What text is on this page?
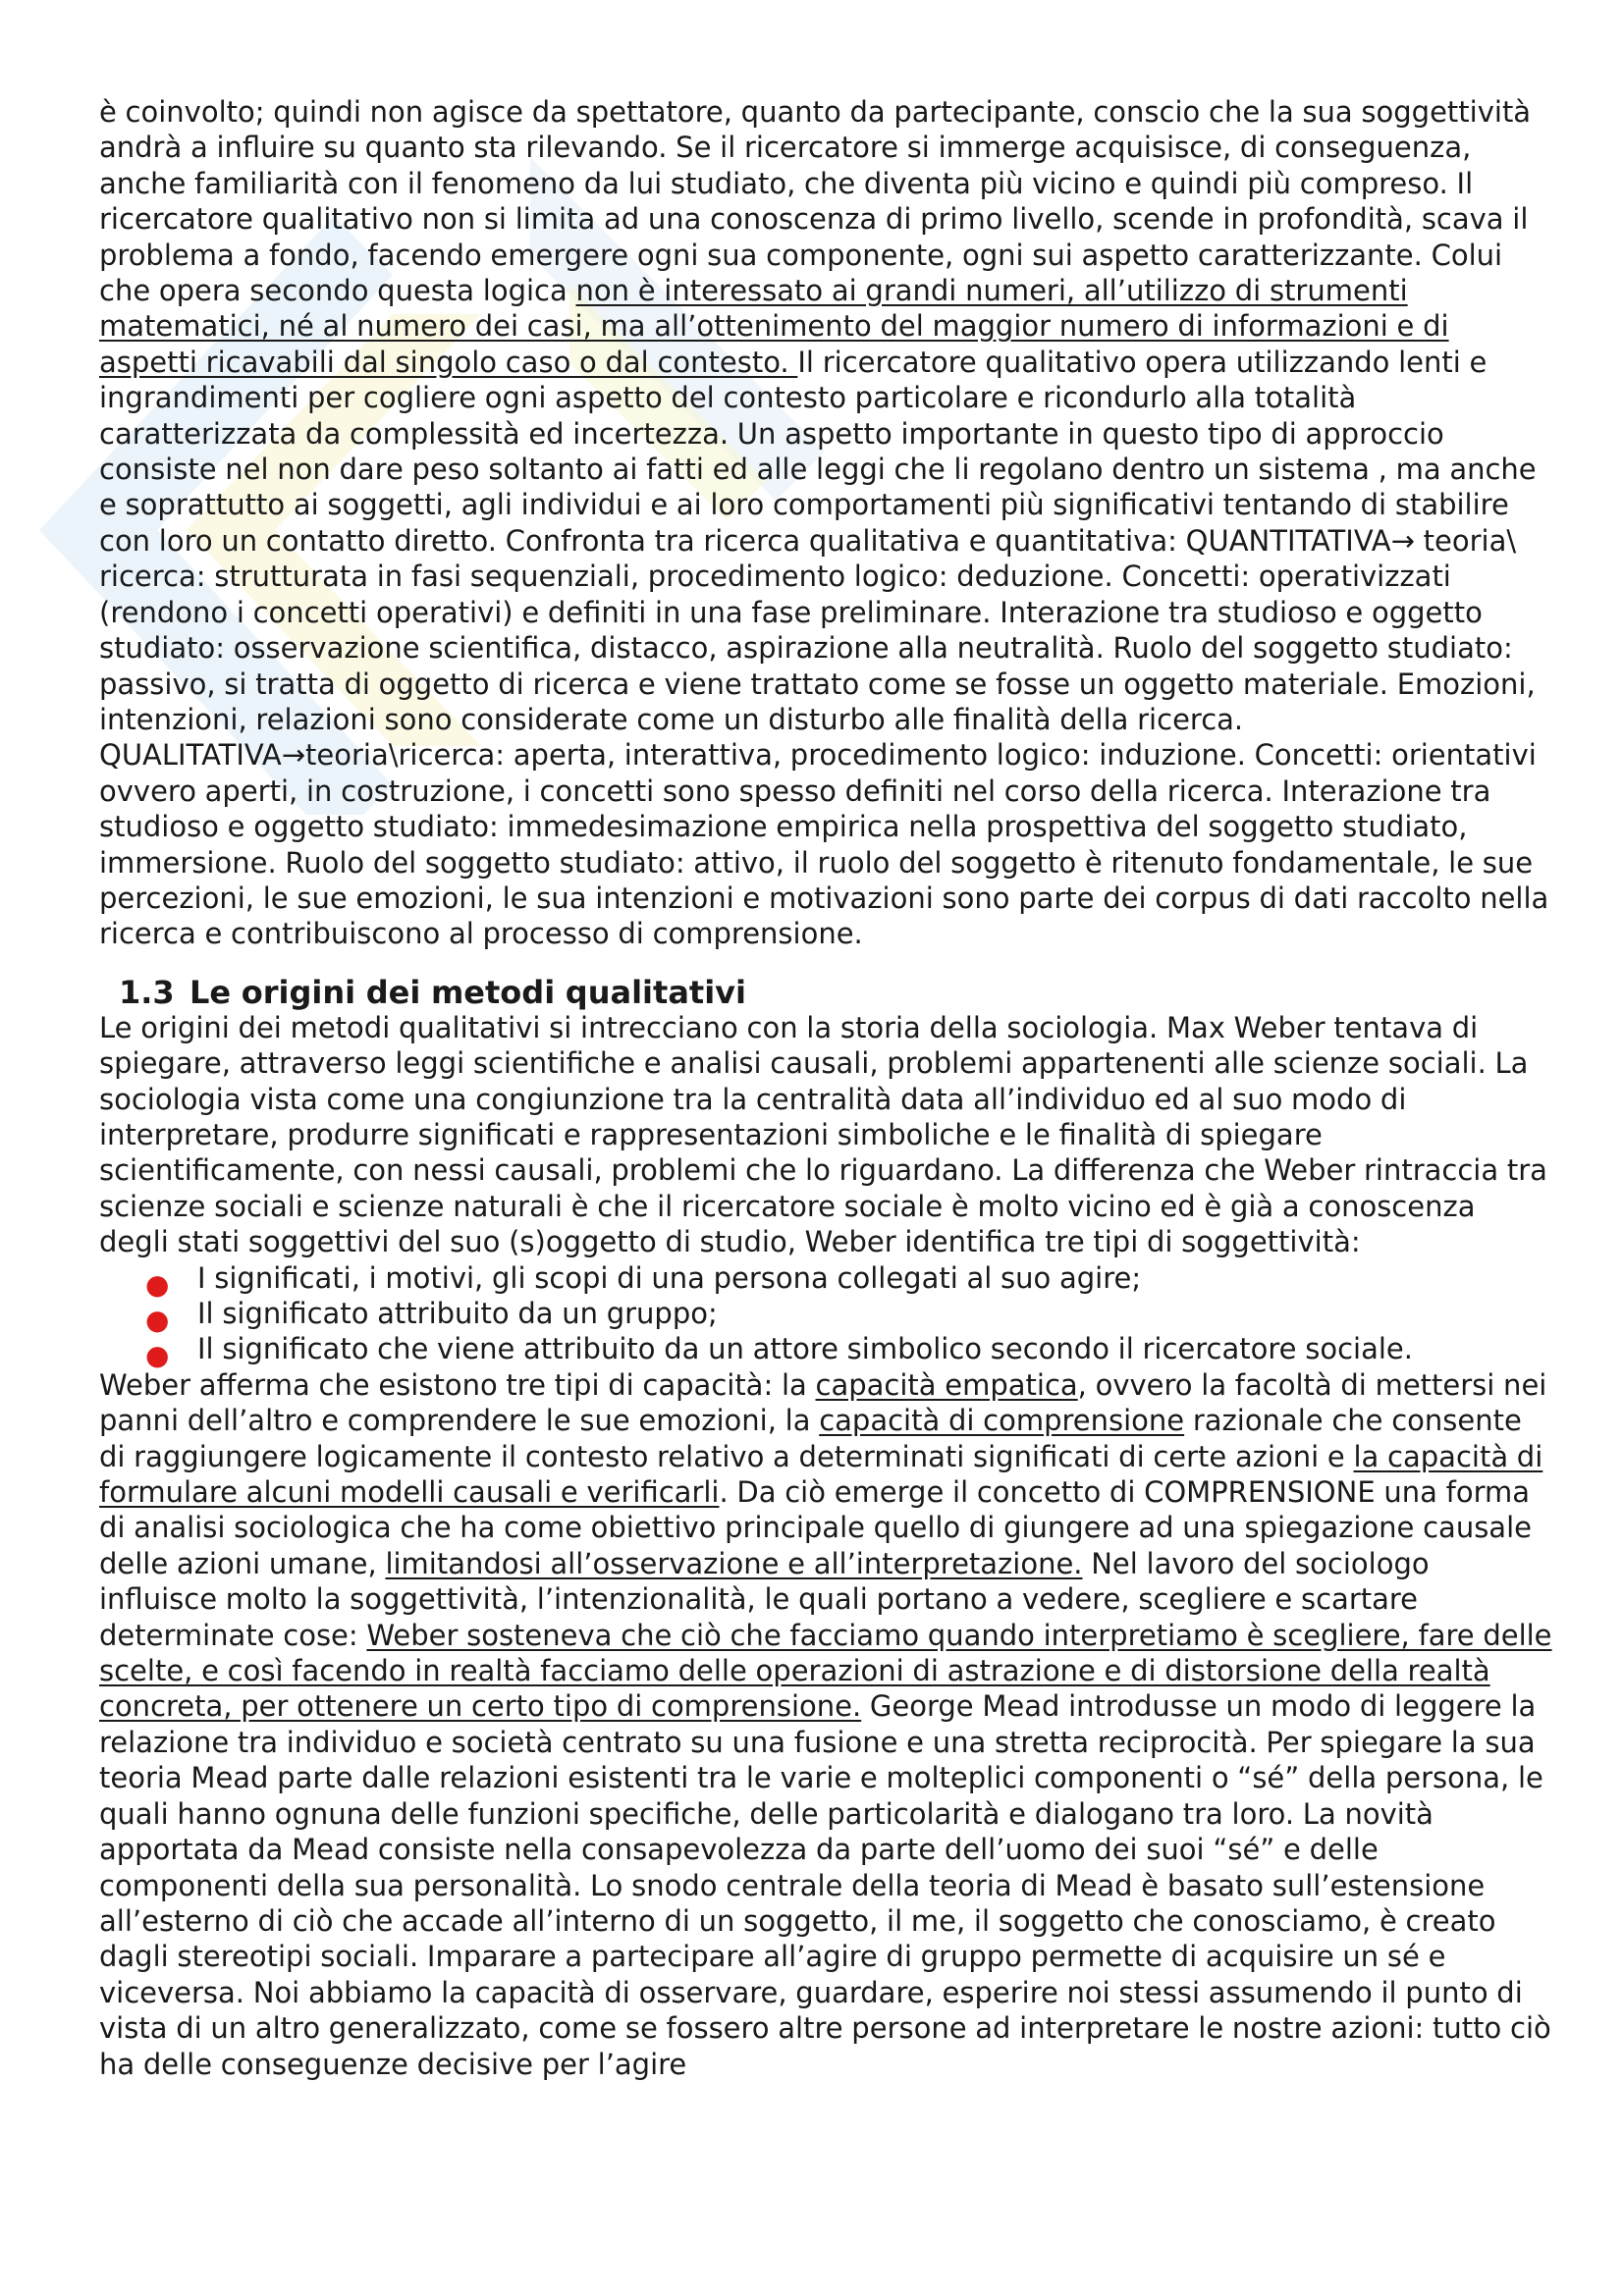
è coinvolto; quindi non agisce da spettatore, quanto da partecipante, conscio che la sua soggettività andrà a influire su quanto sta rilevando. Se il ricercatore si immerge acquisisce, di conseguenza, anche familiarità con il fenomeno da lui studiato, che diventa più vicino e quindi più compreso. Il ricercatore qualitativo non si limita ad una conoscenza di primo livello, scende in profondità, scava il problema a fondo, facendo emergere ogni sua componente, ogni sui aspetto caratterizzante. Colui che opera secondo questa logica non è interessato ai grandi numeri, all’utilizzo di strumenti matematici, né al numero dei casi, ma all’ottenimento del maggior numero di informazioni e di aspetti ricavabili dal singolo caso o dal contesto. Il ricercatore qualitativo opera utilizzando lenti e ingrandimenti per cogliere ogni aspetto del contesto particolare e ricondurlo alla totalità caratterizzata da complessità ed incertezza. Un aspetto importante in questo tipo di approccio consiste nel non dare peso soltanto ai fatti ed alle leggi che li regolano dentro un sistema , ma anche e soprattutto ai soggetti, agli individui e ai loro comportamenti più significativi tentando di stabilire con loro un contatto diretto. Confronta tra ricerca qualitativa e quantitativa: QUANTITATIVA→ teoria\ ricerca: strutturata in fasi sequenziali, procedimento logico: deduzione. Concetti: operativizzati (rendono i concetti operativi) e definiti in una fase preliminare. Interazione tra studioso e oggetto studiato: osservazione scientifica, distacco, aspirazione alla neutralità. Ruolo del soggetto studiato: passivo, si tratta di oggetto di ricerca e viene trattato come se fosse un oggetto materiale. Emozioni, intenzioni, relazioni sono considerate come un disturbo alle finalità della ricerca. QUALITATIVA→teoria\ricerca: aperta, interattiva, procedimento logico: induzione. Concetti: orientativi ovvero aperti, in costruzione, i concetti sono spesso definiti nel corso della ricerca. Interazione tra studioso e oggetto studiato: immedesimazione empirica nella prospettiva del soggetto studiato, immersione. Ruolo del soggetto studiato: attivo, il ruolo del soggetto è ritenuto fondamentale, le sue percezioni, le sue emozioni, le sua intenzioni e motivazioni sono parte dei corpus di dati raccolto nella ricerca e contribuiscono al processo di comprensione.

1.3 Le origini dei metodi qualitativi

Le origini dei metodi qualitativi si intrecciano con la storia della sociologia. Max Weber tentava di spiegare, attraverso leggi scientifiche e analisi causali, problemi appartenenti alle scienze sociali. La sociologia vista come una congiunzione tra la centralità data all’individuo ed al suo modo di interpretare, produrre significati e rappresentazioni simboliche e le finalità di spiegare scientificamente, con nessi causali, problemi che lo riguardano. La differenza che Weber rintraccia tra scienze sociali e scienze naturali è che il ricercatore sociale è molto vicino ed è già a conoscenza degli stati soggettivi del suo (s)oggetto di studio, Weber identifica tre tipi di soggettività:

● I significati, i motivi, gli scopi di una persona collegati al suo agire;
● Il significato attribuito da un gruppo;
● Il significato che viene attribuito da un attore simbolico secondo il ricercatore sociale.

Weber afferma che esistono tre tipi di capacità: la capacità empatica, ovvero la facoltà di mettersi nei panni dell’altro e comprendere le sue emozioni, la capacità di comprensione razionale che consente di raggiungere logicamente il contesto relativo a determinati significati di certe azioni e la capacità di formulare alcuni modelli causali e verificarli. Da ciò emerge il concetto di COMPRENSIONE una forma di analisi sociologica che ha come obiettivo principale quello di giungere ad una spiegazione causale delle azioni umane, limitandosi all’osservazione e all’interpretazione. Nel lavoro del sociologo influisce molto la soggettività, l’intenzionalità, le quali portano a vedere, scegliere e scartare determinate cose: Weber sosteneva che ciò che facciamo quando interpretiamo è scegliere, fare delle scelte, e così facendo in realtà facciamo delle operazioni di astrazione e di distorsione della realtà concreta, per ottenere un certo tipo di comprensione. George Mead introdusse un modo di leggere la relazione tra individuo e società centrato su una fusione e una stretta reciprocità. Per spiegare la sua teoria Mead parte dalle relazioni esistenti tra le varie e molteplici componenti o “sé” della persona, le quali hanno ognuna delle funzioni specifiche, delle particolarità e dialogano tra loro. La novità apportata da Mead consiste nella consapevolezza da parte dell’uomo dei suoi “sé” e delle componenti della sua personalità. Lo snodo centrale della teoria di Mead è basato sull’estensione all’esterno di ciò che accade all’interno di un soggetto, il me, il soggetto che conosciamo, è creato dagli stereotipi sociali. Imparare a partecipare all’agire di gruppo permette di acquisire un sé e viceversa. Noi abbiamo la capacità di osservare, guardare, esperire noi stessi assumendo il punto di vista di un altro generalizzato, come se fossero altre persone ad interpretare le nostre azioni: tutto ciò ha delle conseguenze decisive per l’agire
